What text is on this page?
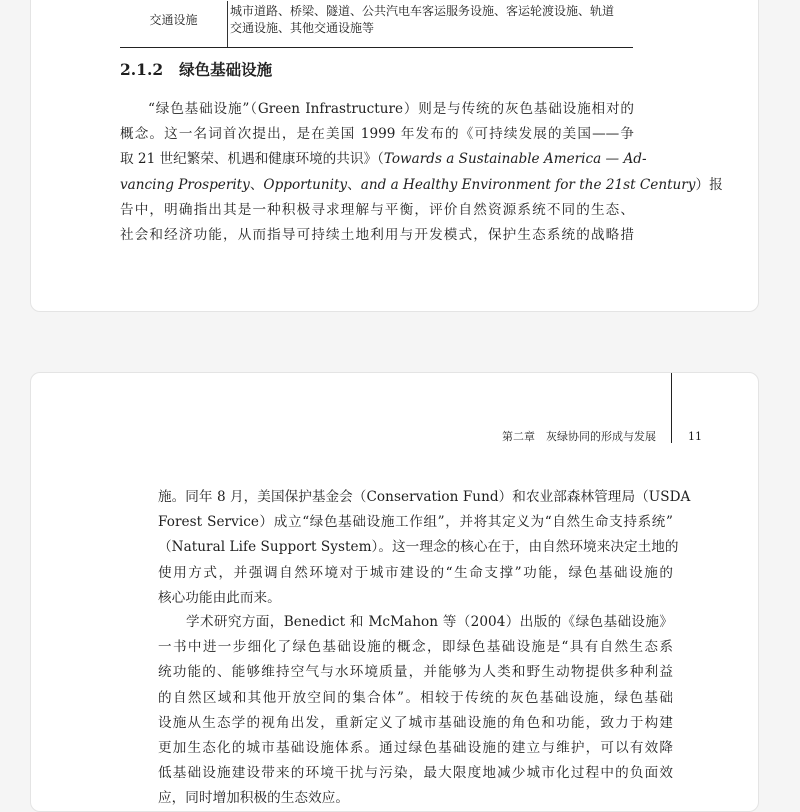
交通设施
城市道路、桥梁、隧道、公共汽电车客运服务设施、客运轮渡设施、轨道
交通设施、其他交通设施等
2.1.2 绿色基础设施
“绿色基础设施”（Green Infrastructure）则是与传统的灰色基础设施相对的
概念。这一名词首次提出，是在美国 1999 年发布的《可持续发展的美国——争
取 21 世纪繁荣、机遇和健康环境的共识》（Towards a Sustainable America — Ad-
vancing Prosperity、Opportunity、and a Healthy Environment for the 21st Century）报
告中，明确指出其是一种积极寻求理解与平衡，评价自然资源系统不同的生态、
社会和经济功能，从而指导可持续土地利用与开发模式，保护生态系统的战略措
第二章　灰绿协同的形成与发展	11
施。同年 8 月，美国保护基金会（Conservation Fund）和农业部森林管理局（USDA
Forest Service）成立“绿色基础设施工作组”，并将其定义为“自然生命支持系统”
（Natural Life Support System）。这一理念的核心在于，由自然环境来决定土地的
使用方式，并强调自然环境对于城市建设的“生命支撑”功能，绿色基础设施的
核心功能由此而来。
学术研究方面，Benedict 和 McMahon 等（2004）出版的《绿色基础设施》
一书中进一步细化了绿色基础设施的概念，即绿色基础设施是“具有自然生态系
统功能的、能够维持空气与水环境质量，并能够为人类和野生动物提供多种利益
的自然区域和其他开放空间的集合体”。相较于传统的灰色基础设施，绿色基础
设施从生态学的视角出发，重新定义了城市基础设施的角色和功能，致力于构建
更加生态化的城市基础设施体系。通过绿色基础设施的建立与维护，可以有效降
低基础设施建设带来的环境干扰与污染，最大限度地减少城市化过程中的负面效
应，同时增加积极的生态效应。
